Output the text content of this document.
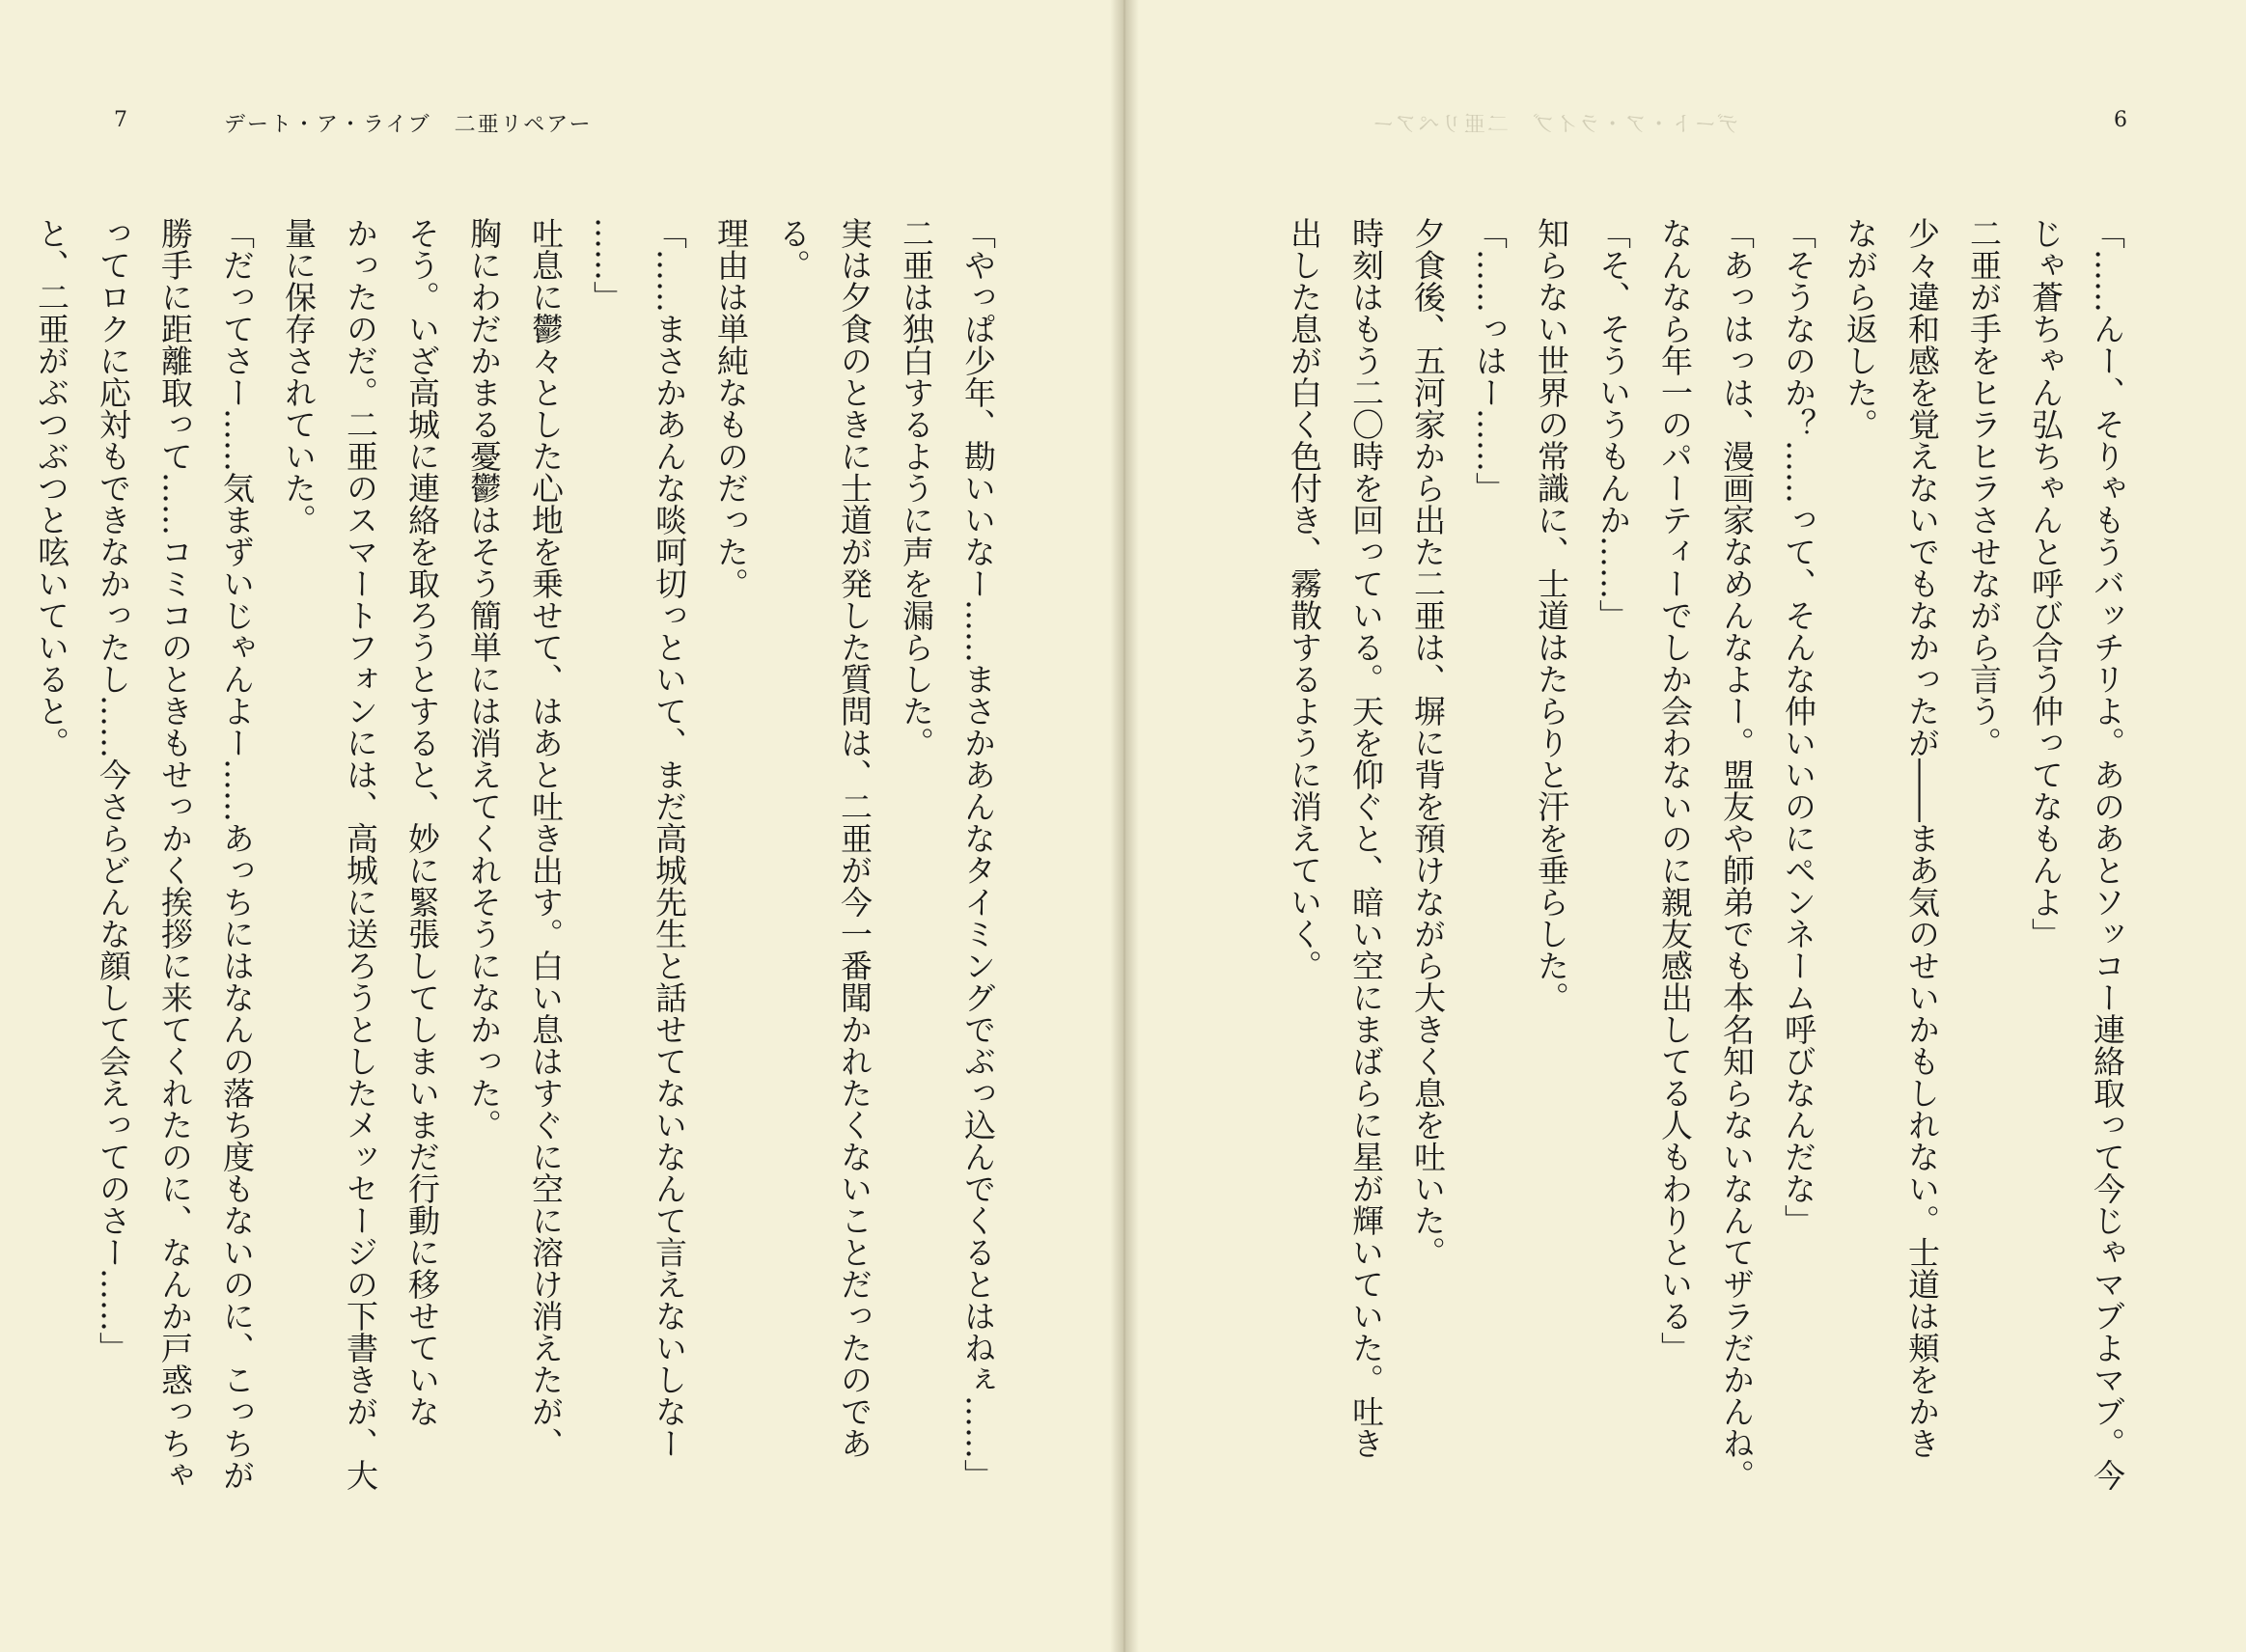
7	デート・ア・ライブ　二亜リペアー	6
デート・ア・ライブ　二亜リペアー
「やっぱ少年、勘いいなー……まさかあんなタイミングでぶっ込んでくるとはねぇ……」
二亜は独白するように声を漏らした。
実は夕食のときに士道が発した質問は、二亜が今一番聞かれたくないことだったのであ
る。
理由は単純なものだった。
「……まさかあんな啖呵切っといて、まだ高城先生と話せてないなんて言えないしなー
……」
吐息に鬱々とした心地を乗せて、はあと吐き出す。白い息はすぐに空に溶け消えたが、
胸にわだかまる憂鬱はそう簡単には消えてくれそうになかった。
そう。いざ高城に連絡を取ろうとすると、妙に緊張してしまいまだ行動に移せていな
かったのだ。二亜のスマートフォンには、高城に送ろうとしたメッセージの下書きが、大
量に保存されていた。
「だってさー……気まずいじゃんよー……あっちにはなんの落ち度もないのに、こっちが
勝手に距離取って……コミコのときもせっかく挨拶に来てくれたのに、なんか戸惑っちゃ
ってロクに応対もできなかったし……今さらどんな顔して会えってのさー……」
と、二亜がぶつぶつと呟いていると。	「……んー、そりゃもうバッチリよ。あのあとソッコー連絡取って今じゃマブよマブ。今
じゃ蒼ちゃん弘ちゃんと呼び合う仲ってなもんよ」
二亜が手をヒラヒラさせながら言う。
少々違和感を覚えないでもなかったが――まあ気のせいかもしれない。士道は頬をかき
ながら返した。
「そうなのか？……って、そんな仲いいのにペンネーム呼びなんだな」
「あっはっは、漫画家なめんなよー。盟友や師弟でも本名知らないなんてザラだかんね。
なんなら年一のパーティーでしか会わないのに親友感出してる人もわりといる」
「そ、そういうもんか……」
知らない世界の常識に、士道はたらりと汗を垂らした。
「……っはー……」
夕食後、五河家から出た二亜は、塀に背を預けながら大きく息を吐いた。
時刻はもう二〇時を回っている。天を仰ぐと、暗い空にまばらに星が輝いていた。吐き
出した息が白く色付き、霧散するように消えていく。
